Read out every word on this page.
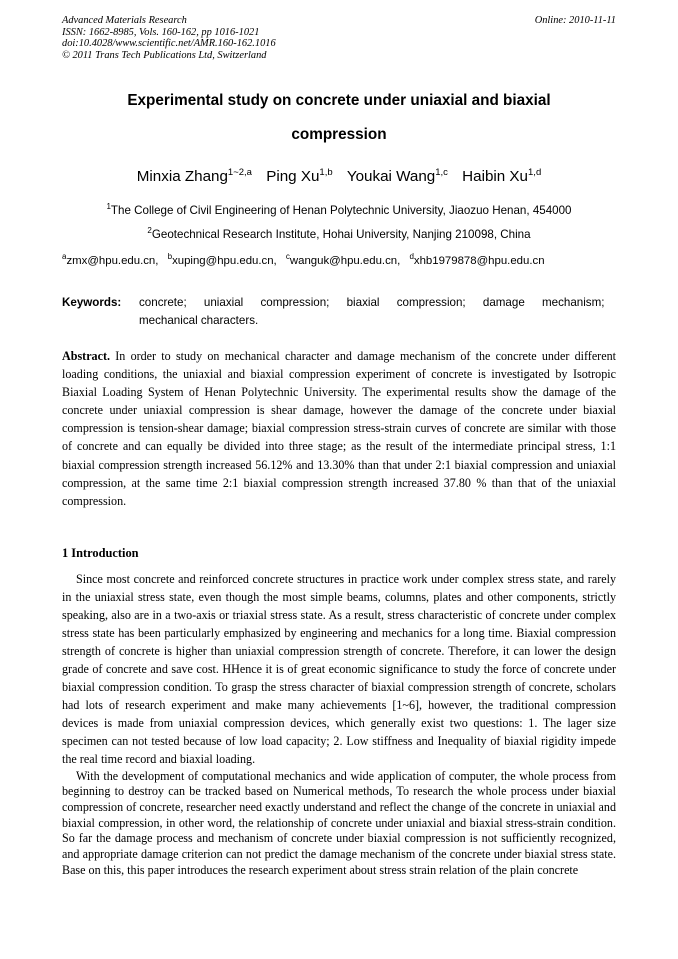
Advanced Materials Research
ISSN: 1662-8985, Vols. 160-162, pp 1016-1021
doi:10.4028/www.scientific.net/AMR.160-162.1016
© 2011 Trans Tech Publications Ltd, Switzerland
Online: 2010-11-11
Experimental study on concrete under uniaxial and biaxial
compression
Minxia Zhang$^{1\sim 2,a}$ Ping Xu$^{1,b}$ Youkai Wang$^{1,c}$ Haibin Xu$^{1,d}$
$^1$The College of Civil Engineering of Henan Polytechnic University, Jiaozuo Henan, 454000
$^2$Geotechnical Research Institute, Hohai University, Nanjing 210098, China
$^a$zmx@hpu.edu.cn, $^b$xuping@hpu.edu.cn, $^c$wanguk@hpu.edu.cn, $^d$xhb1979878@hpu.edu.cn
Keywords: concrete; uniaxial compression; biaxial compression; damage mechanism;
mechanical characters.
Abstract. In order to study on mechanical character and damage mechanism of the concrete under different loading conditions, the uniaxial and biaxial compression experiment of concrete is investigated by Isotropic Biaxial Loading System of Henan Polytechnic University. The experimental results show the damage of the concrete under uniaxial compression is shear damage, however the damage of the concrete under biaxial compression is tension-shear damage; biaxial compression stress-strain curves of concrete are similar with those of concrete and can equally be divided into three stage; as the result of the intermediate principal stress, 1:1 biaxial compression strength increased 56.12% and 13.30% than that under 2:1 biaxial compression and uniaxial compression, at the same time 2:1 biaxial compression strength increased 37.80 % than that of the uniaxial compression.
1 Introduction

Since most concrete and reinforced concrete structures in practice work under complex stress state, and rarely in the uniaxial stress state, even though the most simple beams, columns, plates and other components, strictly speaking, also are in a two-axis or triaxial stress state. As a result, stress characteristic of concrete under complex stress state has been particularly emphasized by engineering and mechanics for a long time. Biaxial compression strength of concrete is higher than uniaxial compression strength of concrete. Therefore, it can lower the design grade of concrete and save cost. HHence it is of great economic significance to study the force of concrete under biaxial compression condition. To grasp the stress character of biaxial compression strength of concrete, scholars had lots of research experiment and make many achievements [1~6], however, the traditional compression devices is made from uniaxial compression devices, which generally exist two questions: 1. The lager size specimen can not tested because of low load capacity; 2. Low stiffness and Inequality of biaxial rigidity impede the real time record and biaxial loading.

With the development of computational mechanics and wide application of computer, the whole process from beginning to destroy can be tracked based on Numerical methods, To research the whole process under biaxial compression of concrete, researcher need exactly understand and reflect the change of the concrete in uniaxial and biaxial compression, in other word, the relationship of concrete under uniaxial and biaxial stress-strain condition. So far the damage process and mechanism of concrete under biaxial compression is not sufficiently recognized, and appropriate damage criterion can not predict the damage mechanism of the concrete under biaxial stress state. Base on this, this paper introduces the research experiment about stress strain relation of the plain concrete
